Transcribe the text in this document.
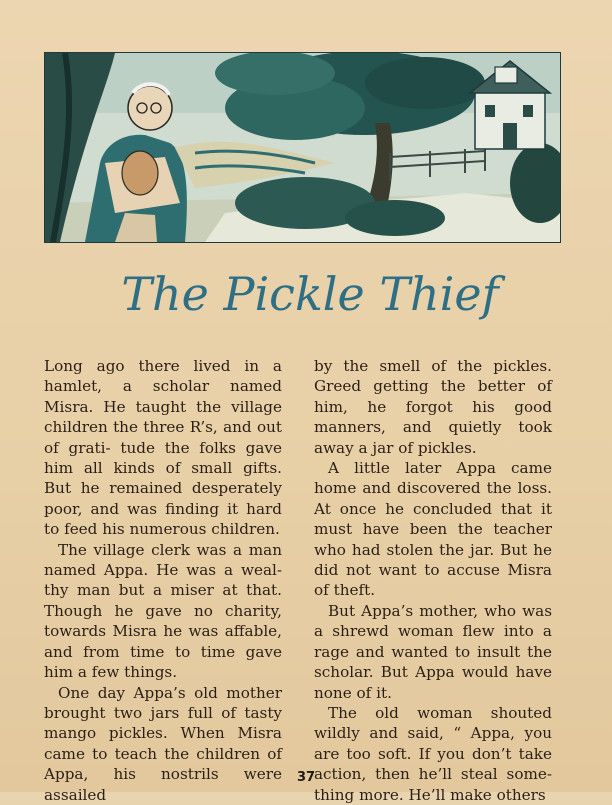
The Pickle Thief

Long ago there lived in a hamlet, a scholar named Misra. He taught the village children the three R’s, and out of grati- tude the folks gave him all kinds of small gifts. But he remained desperately poor, and was finding it hard to feed his numerous children.

The village clerk was a man named Appa. He was a weal- thy man but a miser at that. Though he gave no charity, towards Misra he was affable, and from time to time gave him a few things.

One day Appa’s old mother brought two jars full of tasty mango pickles. When Misra came to teach the children of Appa, his nostrils were assailed

by the smell of the pickles. Greed getting the better of him, he forgot his good manners, and quietly took away a jar of pickles.

A little later Appa came home and discovered the loss. At once he concluded that it must have been the teacher who had stolen the jar. But he did not want to accuse Misra of theft.

But Appa’s mother, who was a shrewd woman flew into a rage and wanted to insult the scholar. But Appa would have none of it.

The old woman shouted wildly and said, “ Appa, you are too soft. If you don’t take action, then he’ll steal some- thing more. He’ll make others

37
